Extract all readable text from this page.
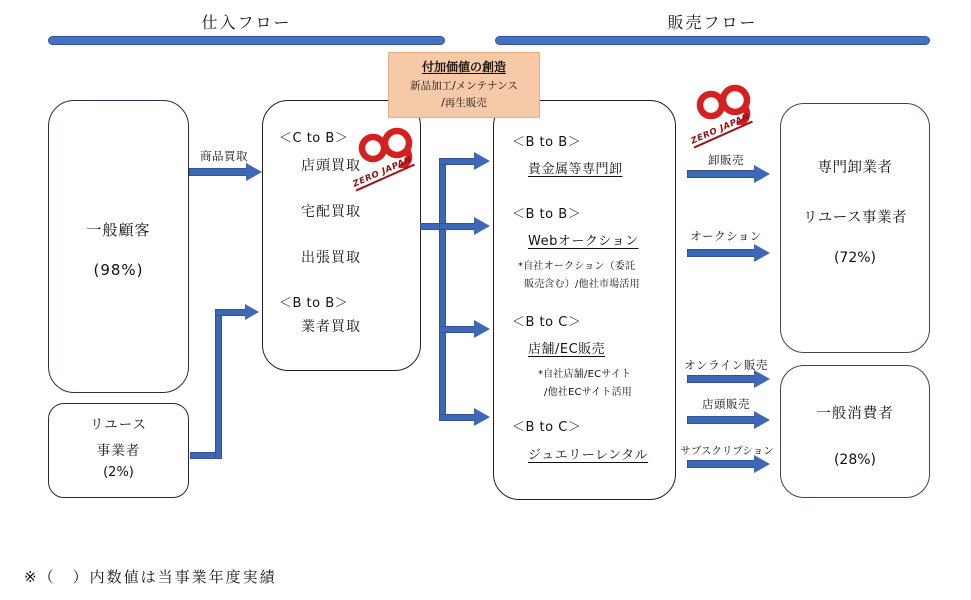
仕入フロー	販売フロー
一般顧客
(98%)
リユース
事業者
(2%)
＜C to B＞
店頭買取
宅配買取
出張買取
＜B to B＞
業者買取
付加価値の創造
新品加工/メンテナンス
/再生販売
＜B to B＞
貴金属等専門卸
＜B to B＞
Webオークション
*自社オークション（委託
販売含む）/他社市場活用
＜B to C＞
店舗/EC販売
*自社店舗/ECサイト
/他社ECサイト活用
＜B to C＞
ジュエリーレンタル
専門卸業者
リユース事業者
(72%)
一般消費者
(28%)
商品買取	卸販売
オークション
オンライン販売
店頭販売
サブスクリプション
ZERO JAPAN
ZERO JAPAN
※（　）内数値は当事業年度実績
